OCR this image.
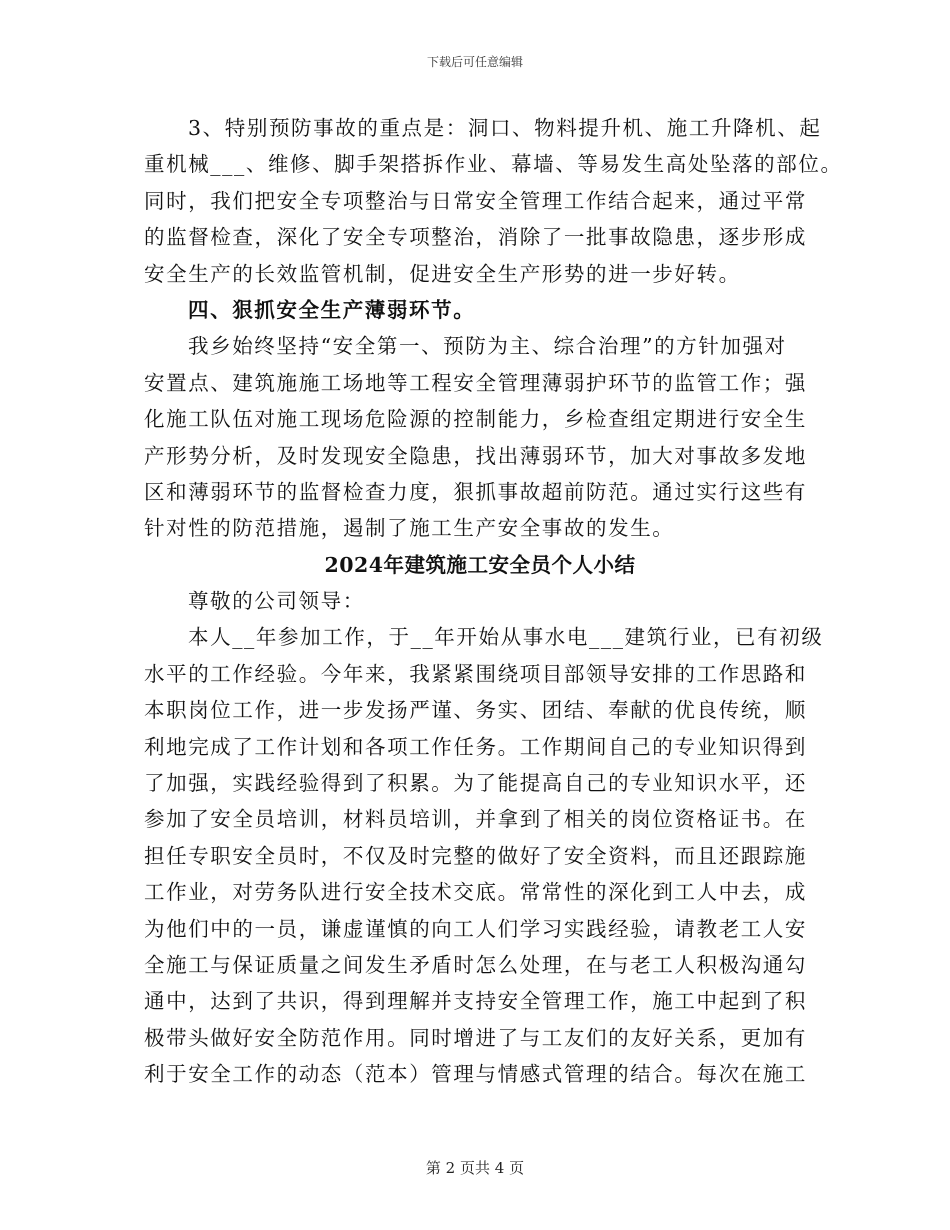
下载后可任意编辑
3、特别预防事故的重点是：洞口、物料提升机、施工升降机、起
重机械___、维修、脚手架搭拆作业、幕墙、等易发生高处坠落的部位。
同时，我们把安全专项整治与日常安全管理工作结合起来，通过平常
的监督检查，深化了安全专项整治，消除了一批事故隐患，逐步形成
安全生产的长效监管机制，促进安全生产形势的进一步好转。
四、狠抓安全生产薄弱环节。
我乡始终坚持“安全第一、预防为主、综合治理”的方针加强对
安置点、建筑施施工场地等工程安全管理薄弱护环节的监管工作；强
化施工队伍对施工现场危险源的控制能力，乡检查组定期进行安全生
产形势分析，及时发现安全隐患，找出薄弱环节，加大对事故多发地
区和薄弱环节的监督检查力度，狠抓事故超前防范。通过实行这些有
针对性的防范措施，遏制了施工生产安全事故的发生。
2024年建筑施工安全员个人小结
尊敬的公司领导：
本人__年参加工作，于__年开始从事水电___建筑行业，已有初级
水平的工作经验。今年来，我紧紧围绕项目部领导安排的工作思路和
本职岗位工作，进一步发扬严谨、务实、团结、奉献的优良传统，顺
利地完成了工作计划和各项工作任务。工作期间自己的专业知识得到
了加强，实践经验得到了积累。为了能提高自己的专业知识水平，还
参加了安全员培训，材料员培训，并拿到了相关的岗位资格证书。在
担任专职安全员时，不仅及时完整的做好了安全资料，而且还跟踪施
工作业，对劳务队进行安全技术交底。常常性的深化到工人中去，成
为他们中的一员，谦虚谨慎的向工人们学习实践经验，请教老工人安
全施工与保证质量之间发生矛盾时怎么处理，在与老工人积极沟通勾
通中，达到了共识，得到理解并支持安全管理工作，施工中起到了积
极带头做好安全防范作用。同时增进了与工友们的友好关系，更加有
利于安全工作的动态（范本）管理与情感式管理的结合。每次在施工
第 2 页共 4 页
